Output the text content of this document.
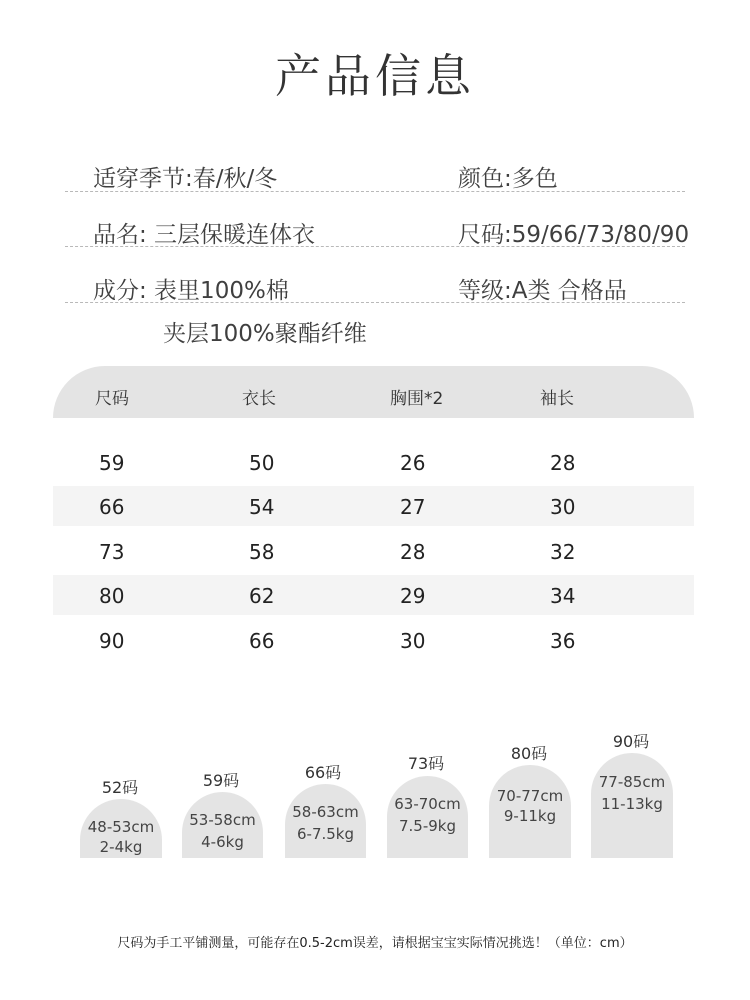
产品信息
适穿季节:春/秋/冬	颜色:多色
品名: 三层保暖连体衣	尺码:59/66/73/80/90
成分: 表里100%棉	等级:A类 合格品
夹层100%聚酯纤维
尺码	衣长	胸围*2	袖长
59	50	26	28
66	54	27	30
73	58	28	32
80	62	29	34
90	66	30	36
52码
48-53cm
2-4kg
59码
53-58cm
4-6kg
66码
58-63cm
6-7.5kg
73码
63-70cm
7.5-9kg
80码
70-77cm
9-11kg
90码
77-85cm
11-13kg
尺码为手工平铺测量，可能存在0.5-2cm误差，请根据宝宝实际情况挑选！（单位：cm）
